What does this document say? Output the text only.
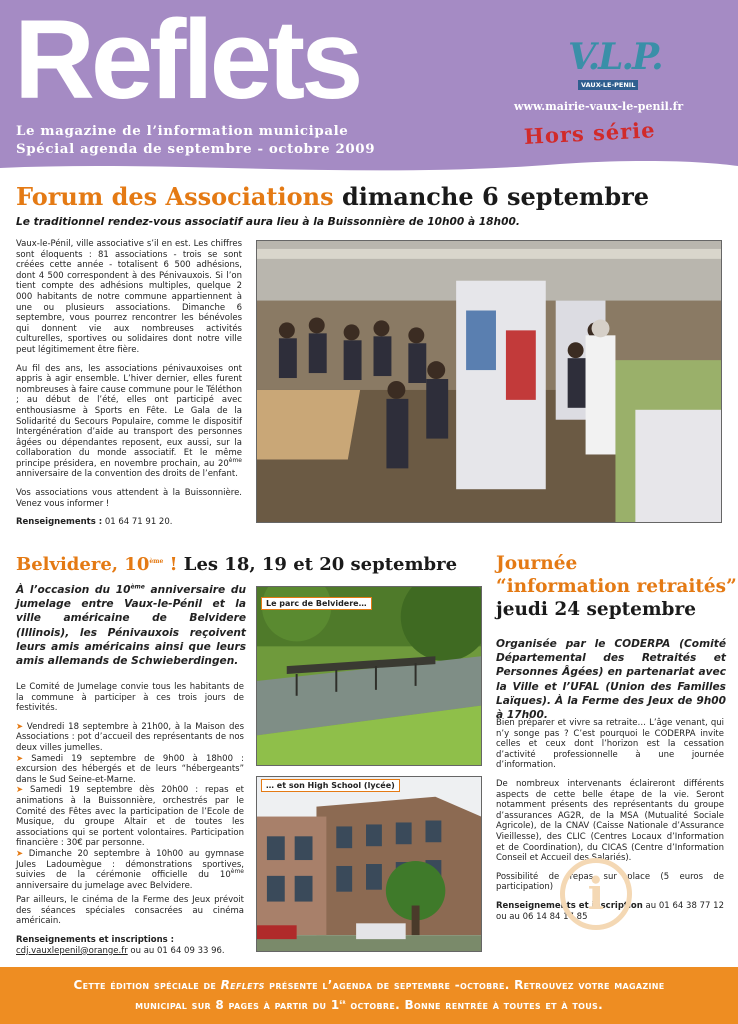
Reflets
Le magazine de l’information municipale
Spécial agenda de septembre - octobre 2009
V.L.P.
VAUX-LE-PENIL
www.mairie-vaux-le-penil.fr
Hors série
Forum des Associations dimanche 6 septembre
Le traditionnel rendez-vous associatif aura lieu à la Buissonnière de 10h00 à 18h00.

Vaux-le-Pénil, ville associative s’il en est. Les chiffres sont éloquents : 81 associations - trois se sont créées cette année - totalisent 6 500 adhésions, dont 4 500 correspondent à des Pénivauxois. Si l’on tient compte des adhésions multiples, quelque 2 000 habitants de notre commune appartiennent à une ou plusieurs associations. Dimanche 6 septembre, vous pourrez rencontrer les bénévoles qui donnent vie aux nombreuses activités culturelles, sportives ou solidaires dont notre ville peut légitimement être fière.

Au fil des ans, les associations pénivauxoises ont appris à agir ensemble. L’hiver dernier, elles furent nombreuses à faire cause commune pour le Téléthon ; au début de l’été, elles ont participé avec enthousiasme à Sports en Fête. Le Gala de la Solidarité du Secours Populaire, comme le dispositif Intergénération d’aide au transport des personnes âgées ou dépendantes reposent, eux aussi, sur la collaboration du monde associatif. Et le même principe présidera, en novembre prochain, au 20ème anniversaire de la convention des droits de l’enfant.

Vos associations vous attendent à la Buissonnière. Venez vous informer !

Renseignements : 01 64 71 91 20.

Belvidere, 10ème ! Les 18, 19 et 20 septembre
À l’occasion du 10ème anniversaire du jumelage entre Vaux-le-Pénil et la ville américaine de Belvidere (Illinois), les Pénivauxois reçoivent leurs amis américains ainsi que leurs amis allemands de Schwieberdingen.

Le Comité de Jumelage convie tous les habitants de la commune à participer à ces trois jours de festivités.

➤ Vendredi 18 septembre à 21h00, à la Maison des Associations : pot d’accueil des représentants de nos deux villes jumelles.
➤ Samedi 19 septembre de 9h00 à 18h00 : excursion des hébergés et de leurs “hébergeants” dans le Sud Seine-et-Marne.
➤ Samedi 19 septembre dès 20h00 : repas et animations à la Buissonnière, orchestrés par le Comité des Fêtes avec la participation de l’Ecole de Musique, du groupe Altair et de toutes les associations qui se portent volontaires. Participation financière : 30€ par personne.
➤ Dimanche 20 septembre à 10h00 au gymnase Jules Ladoumègue : démonstrations sportives, suivies de la cérémonie officielle du 10ème anniversaire du jumelage avec Belvidere.

Par ailleurs, le cinéma de la Ferme des Jeux prévoit des séances spéciales consacrées au cinéma américain.

Renseignements et inscriptions :
cdj.vauxlepenil@orange.fr ou au 01 64 09 33 96.
Le parc de Belvidere…
… et son High School (lycée)
Journée
“information retraités”
jeudi 24 septembre
Organisée par le CODERPA (Comité Départemental des Retraités et Personnes Âgées) en partenariat avec la Ville et l’UFAL (Union des Familles Laïques). À la Ferme des Jeux de 9h00 à 17h00.

Bien préparer et vivre sa retraite… L’âge venant, qui n’y songe pas ? C’est pourquoi le CODERPA invite celles et ceux dont l’horizon est la cessation d’activité professionnelle à une journée d’information.

De nombreux intervenants éclaireront différents aspects de cette belle étape de la vie. Seront notamment présents des représentants du groupe d’assurances AG2R, de la MSA (Mutualité Sociale Agricole), de la CNAV (Caisse Nationale d’Assurance Vieillesse), des CLIC (Centres Locaux d’Information et de Coordination), du CICAS (Centre d’Information Conseil et Accueil des Salariés).

Possibilité de repas sur place (5 euros de participation)

Renseignements et inscription au 01 64 38 77 12 ou au 06 14 84 17 85 i
Cette édition spéciale de Reflets présente l’agenda de septembre -octobre. Retrouvez votre magazine
municipal sur 8 pages à partir du 1er octobre. Bonne rentrée à toutes et à tous.
